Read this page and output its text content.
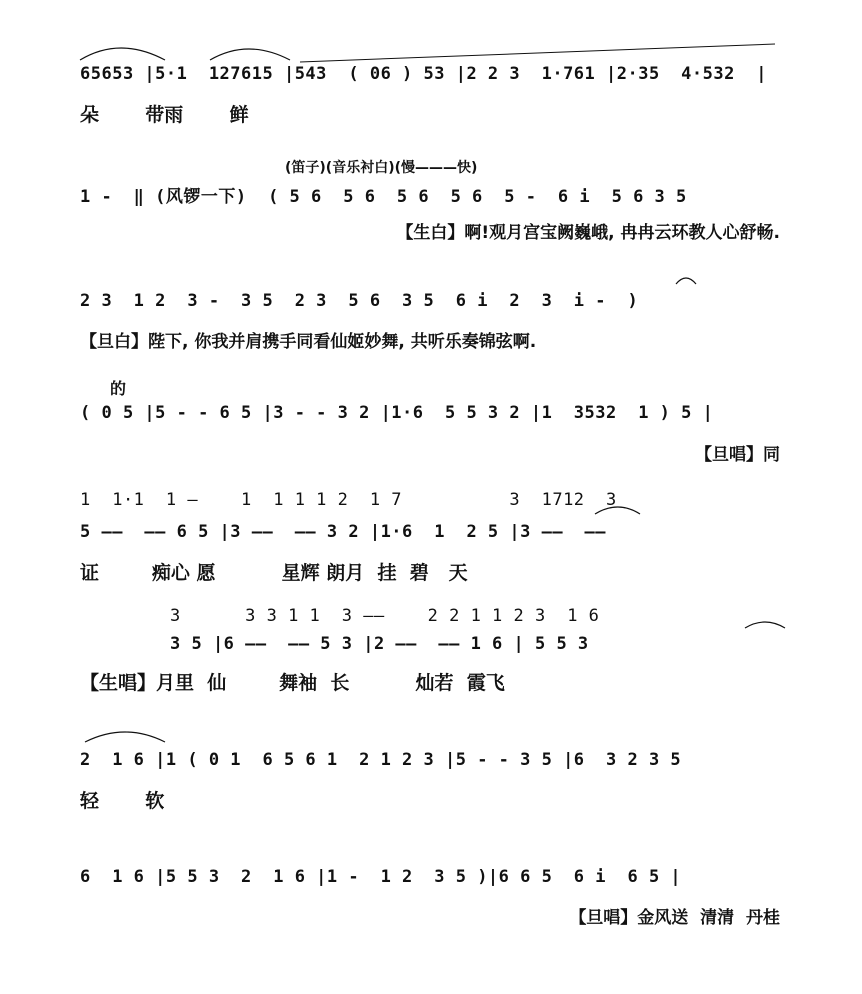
65653 |5·1  127615 |543  ( 06 ) 53 |2 2 3  1·761 |2·35  4·532  |
朵       带雨       鲜
(笛子)(音乐衬白)(慢———快)
1 -  ‖ (风锣一下)  ( 5 6  5 6  5 6  5 6  5 -  6 i  5 6 3 5
【生白】啊!观月宫宝阙巍峨, 冉冉云环教人心舒畅.
2 3  1 2  3 -  3 5  2 3  5 6  3 5  6 i  2  3  i -  )
【旦白】陛下, 你我并肩携手同看仙姬妙舞, 共听乐奏锦弦啊.
的
( 0 5 |5 - - 6 5 |3 - - 3 2 |1·6  5 5 3 2 |1  3532  1 ) 5 |
【旦唱】同
1  1·1  1 —    1  1 1 1 2  1 7          3  1712  3
5 ——  —— 6 5 |3 ——  —— 3 2 |1·6  1  2 5 |3 ——  ——
证        痴心 愿          星辉 朗月  挂  碧   天
3      3 3 1 1  3 ——    2 2 1 1 2 3  1 6
3 5 |6 ——  —— 5 3 |2 ——  —— 1 6 | 5 5 3
【生唱】月里  仙        舞袖  长          灿若  霞飞
2  1 6 |1 ( 0 1  6 5 6 1  2 1 2 3 |5 - - 3 5 |6  3 2 3 5
轻       软
6  1 6 |5 5 3  2  1 6 |1 -  1 2  3 5 )|6 6 5  6 i  6 5 |
【旦唱】金风送  清清  丹桂
